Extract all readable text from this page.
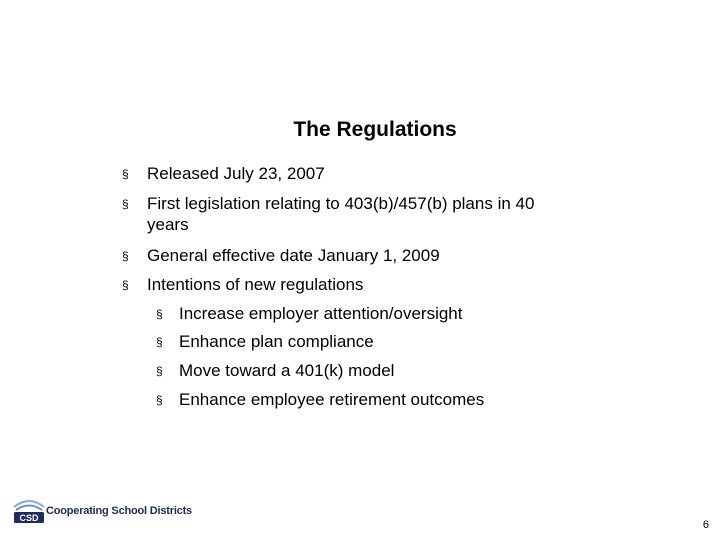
The Regulations
§ Released July 23, 2007
§ First legislation relating to 403(b)/457(b) plans in 40
years
§ General effective date January 1, 2009
§ Intentions of new regulations
§ Increase employer attention/oversight
§ Enhance plan compliance
§ Move toward a 401(k) model
§ Enhance employee retirement outcomes
CSD
Cooperating School Districts
6
